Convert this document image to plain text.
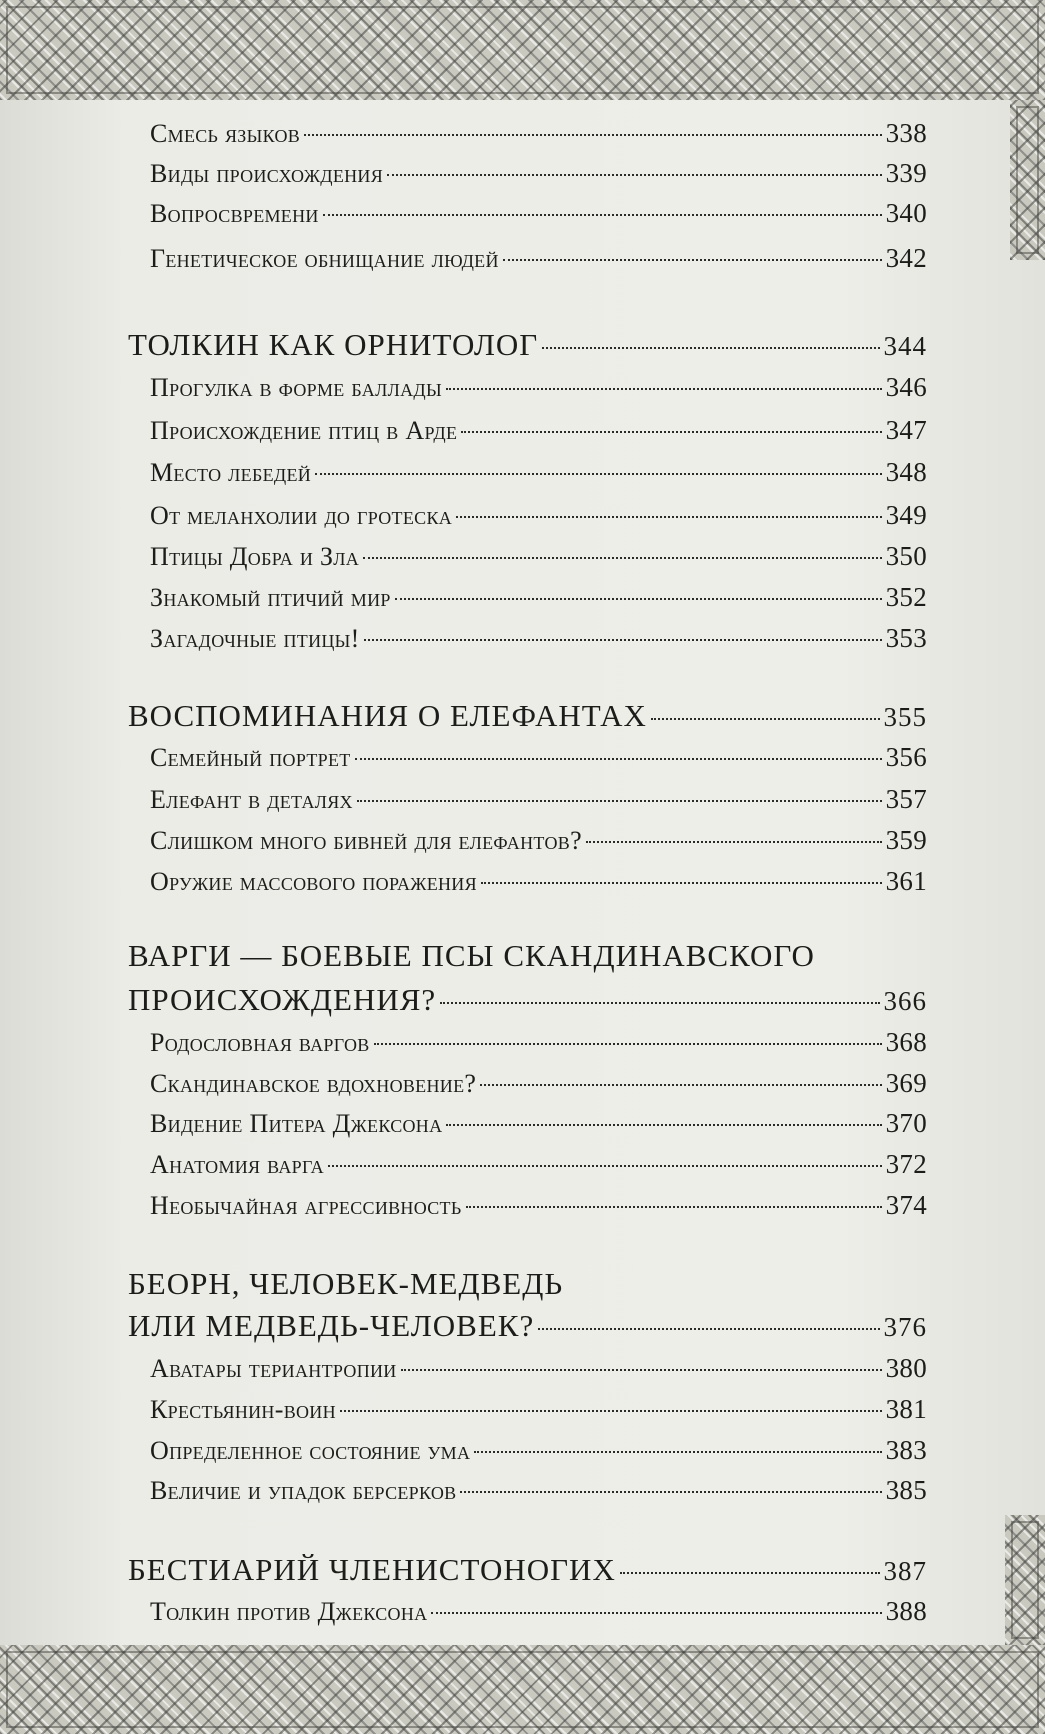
Смесь языков	338
Виды происхождения	339
Вопросвремени	340
Генетическое обнищание людей	342
ТОЛКИН КАК ОРНИТОЛОГ	344
Прогулка в форме баллады	346
Происхождение птиц в Арде	347
Место лебедей	348
От меланхолии до гротеска	349
Птицы Добра и Зла	350
Знакомый птичий мир	352
Загадочные птицы!	353
ВОСПОМИНАНИЯ О ЕЛЕФАНТАХ	355
Семейный портрет	356
Елефант в деталях	357
Слишком много бивней для елефантов?	359
Оружие массового поражения	361
ВАРГИ — БОЕВЫЕ ПСЫ СКАНДИНАВСКОГО
ПРОИСХОЖДЕНИЯ?	366
Родословная варгов	368
Скандинавское вдохновение?	369
Видение Питера Джексона	370
Анатомия варга	372
Необычайная агрессивность	374
БЕОРН, ЧЕЛОВЕК-МЕДВЕДЬ
ИЛИ МЕДВЕДЬ-ЧЕЛОВЕК?	376
Аватары териантропии	380
Крестьянин-воин	381
Определенное состояние ума	383
Величие и упадок берсерков	385
БЕСТИАРИЙ ЧЛЕНИСТОНОГИХ	387
Толкин против Джексона	388
